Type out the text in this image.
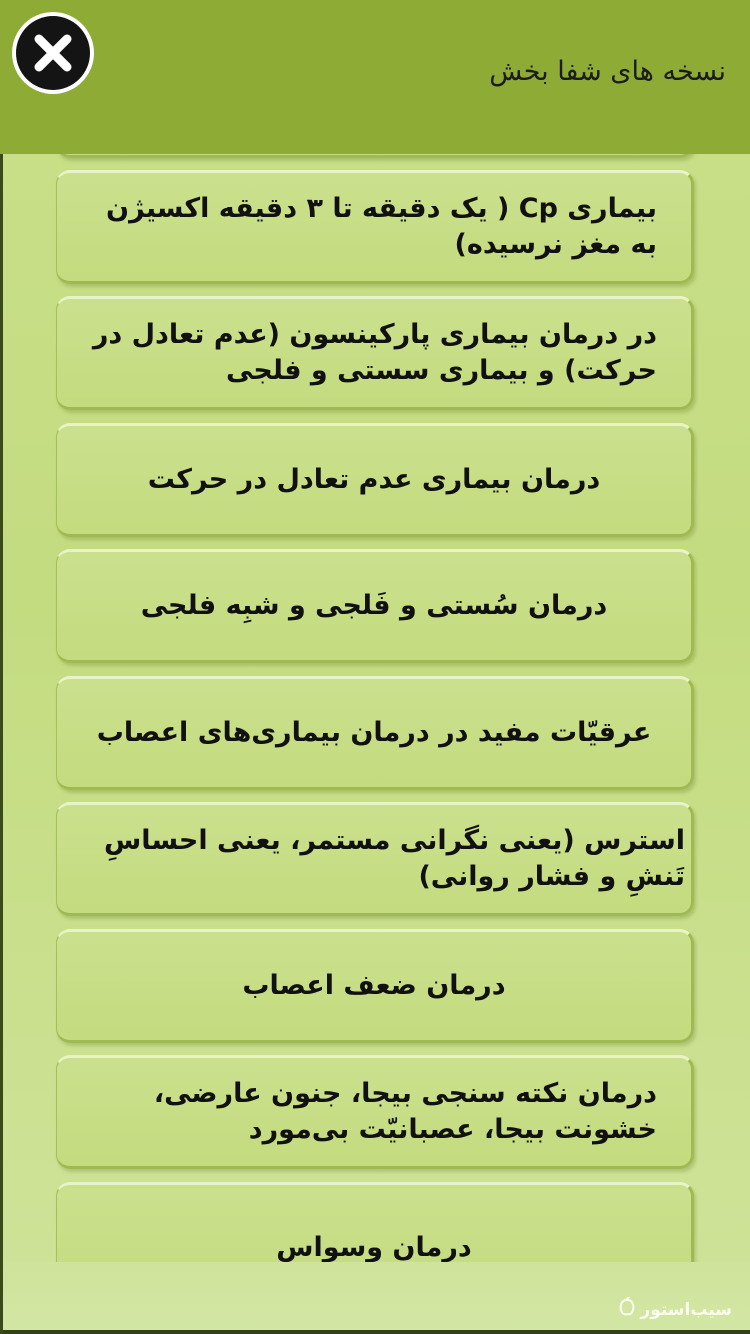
بیماری Cp ( یک دقیقه تا ۳ دقیقه اکسیژن به مغز نرسیده)
در درمان بیماری پارکینسون (عدم تعادل در حرکت) و بیماری سستی و فلجی
درمان بیماری عدم تعادل در حرکت
درمان سُستی و فَلجی و شبِه فلجی
عرقیّات مفید در درمان بیماری‌های اعصاب
استرس (یعنی نگرانی مستمر، یعنی احساسِ تَنشِ و فشار روانی)
درمان ضعف اعصاب
درمان نکته سنجی بیجا، جنون عارضی، خشونت بیجا، عصبانیّت بی‌مورد
درمان وسواس
نسخه های شفا بخش
سیب‌استور
